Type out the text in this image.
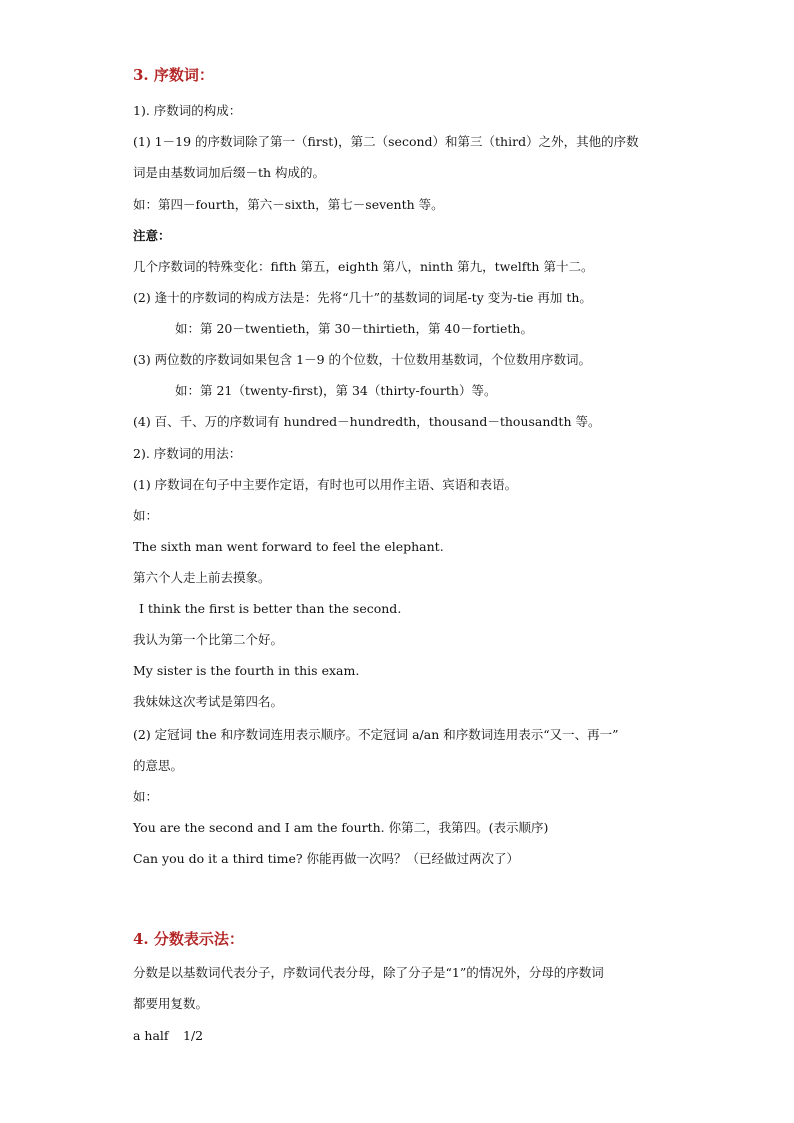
3. 序数词：
1). 序数词的构成：
(1) 1－19 的序数词除了第一（first)，第二（second）和第三（third）之外，其他的序数
词是由基数词加后缀－th 构成的。
如：第四－fourth，第六－sixth，第七－seventh 等。
注意：
几个序数词的特殊变化：fifth 第五，eighth 第八，ninth 第九，twelfth 第十二。
(2) 逢十的序数词的构成方法是：先将“几十”的基数词的词尾-ty 变为-tie 再加 th。
如：第 20－twentieth，第 30－thirtieth，第 40－fortieth。
(3) 两位数的序数词如果包含 1－9 的个位数，十位数用基数词，个位数用序数词。
如：第 21（twenty-first)，第 34（thirty-fourth）等。
(4) 百、千、万的序数词有 hundred－hundredth，thousand－thousandth 等。
2). 序数词的用法：
(1) 序数词在句子中主要作定语，有时也可以用作主语、宾语和表语。
如：
The sixth man went forward to feel the elephant.
第六个人走上前去摸象。
I think the first is better than the second.
我认为第一个比第二个好。
My sister is the fourth in this exam.
我妹妹这次考试是第四名。
(2) 定冠词 the 和序数词连用表示顺序。不定冠词 a/an 和序数词连用表示“又一、再一”
的意思。
如：
You are the second and I am the fourth. 你第二，我第四。(表示顺序)
Can you do it a third time? 你能再做一次吗？（已经做过两次了）
4. 分数表示法：
分数是以基数词代表分子，序数词代表分母，除了分子是“1”的情况外，分母的序数词
都要用复数。
a half	1/2
